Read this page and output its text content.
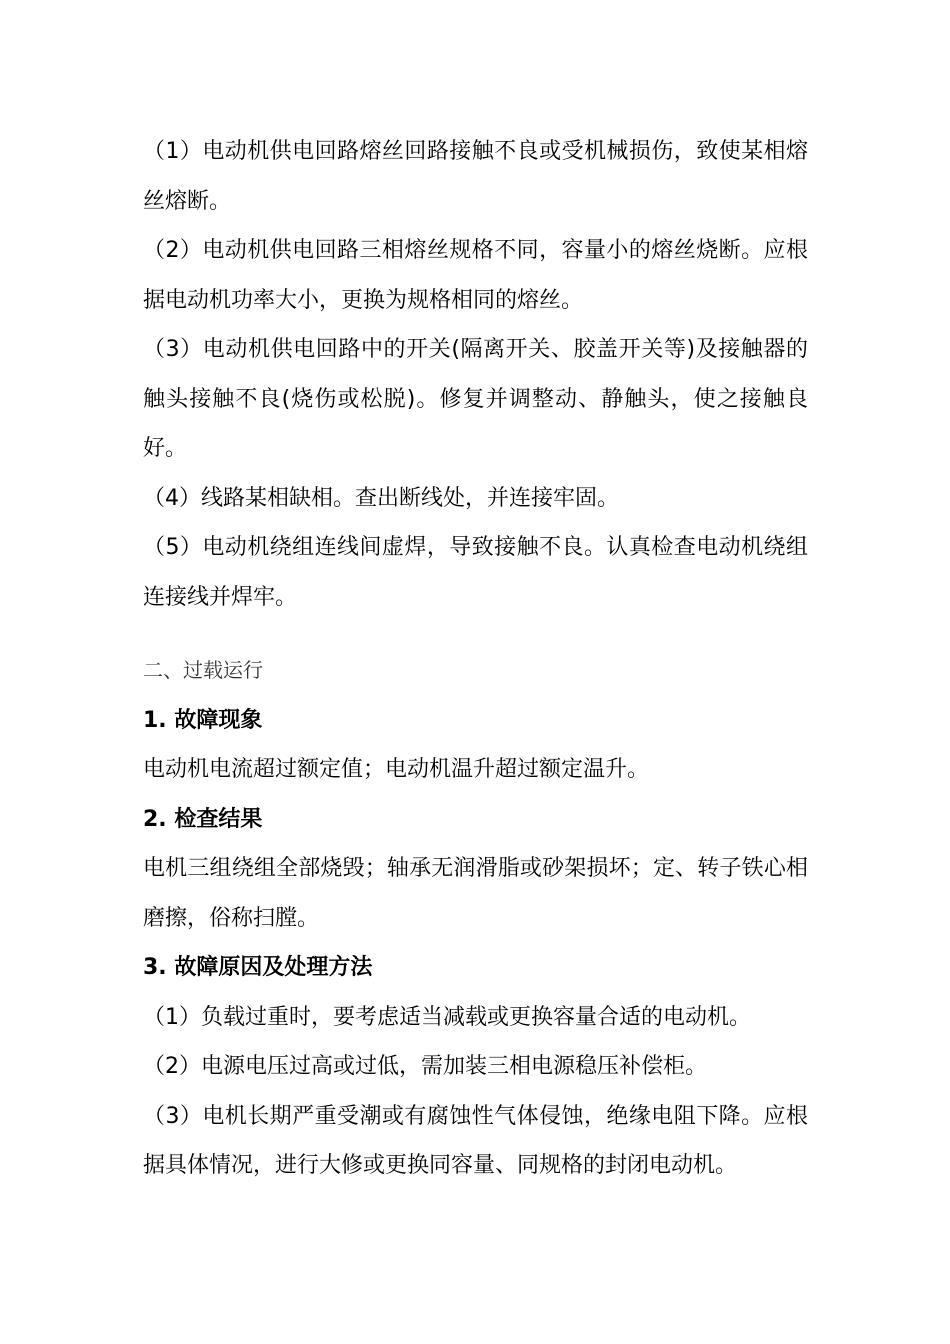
（1）电动机供电回路熔丝回路接触不良或受机械损伤，致使某相熔丝熔断。

（2）电动机供电回路三相熔丝规格不同，容量小的熔丝烧断。应根据电动机功率大小，更换为规格相同的熔丝。

（3）电动机供电回路中的开关(隔离开关、胶盖开关等)及接触器的触头接触不良(烧伤或松脱)。修复并调整动、静触头，使之接触良好。

（4）线路某相缺相。查出断线处，并连接牢固。

（5）电动机绕组连线间虚焊，导致接触不良。认真检查电动机绕组连接线并焊牢。

二、过载运行

1. 故障现象

电动机电流超过额定值；电动机温升超过额定温升。

2. 检查结果

电机三组绕组全部烧毁；轴承无润滑脂或砂架损坏；定、转子铁心相磨擦，俗称扫膛。

3. 故障原因及处理方法

（1）负载过重时，要考虑适当减载或更换容量合适的电动机。

（2）电源电压过高或过低，需加装三相电源稳压补偿柜。

（3）电机长期严重受潮或有腐蚀性气体侵蚀，绝缘电阻下降。应根据具体情况，进行大修或更换同容量、同规格的封闭电动机。
